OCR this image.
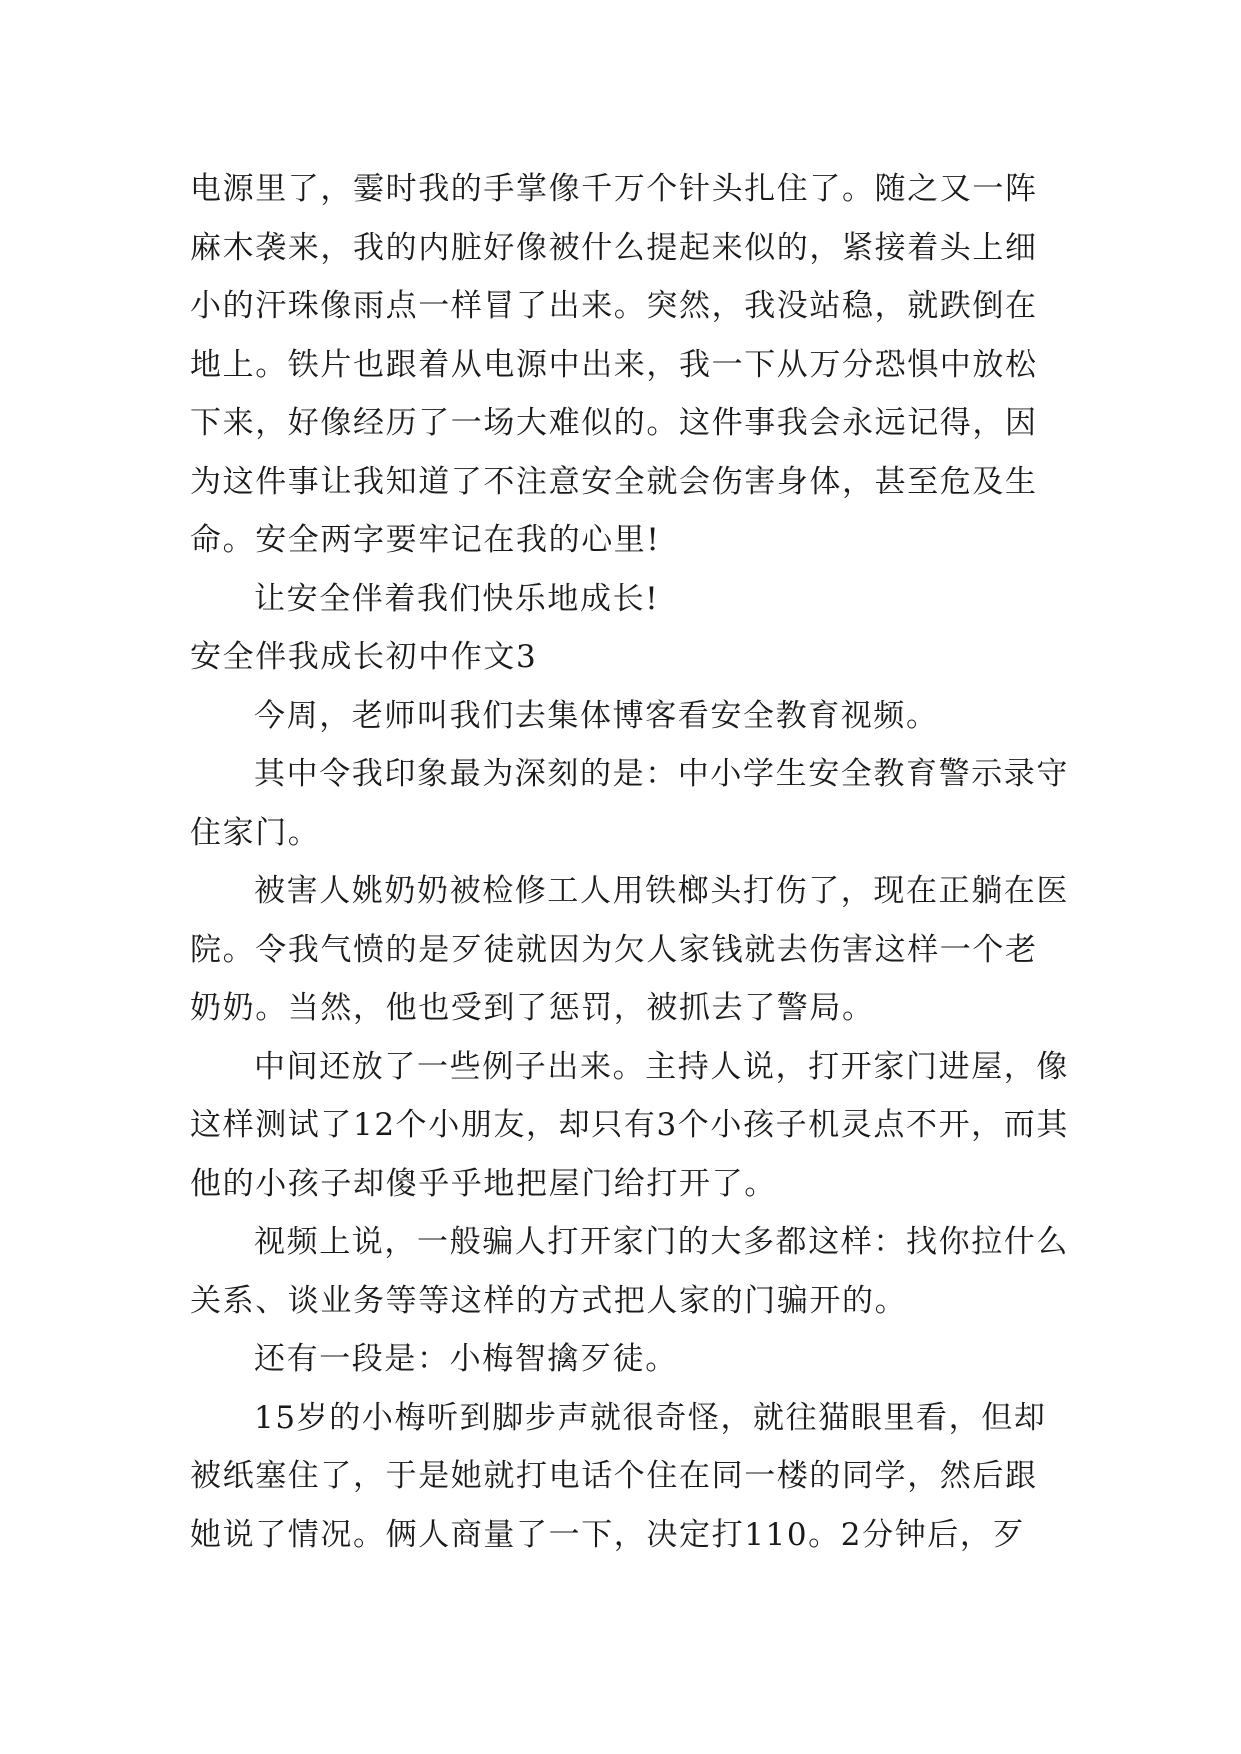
电源里了，霎时我的手掌像千万个针头扎住了。随之又一阵麻木袭来，我的内脏好像被什么提起来似的，紧接着头上细小的汗珠像雨点一样冒了出来。突然，我没站稳，就跌倒在地上。铁片也跟着从电源中出来，我一下从万分恐惧中放松下来，好像经历了一场大难似的。这件事我会永远记得，因为这件事让我知道了不注意安全就会伤害身体，甚至危及生命。安全两字要牢记在我的心里!

让安全伴着我们快乐地成长!

安全伴我成长初中作文3

今周，老师叫我们去集体博客看安全教育视频。

其中令我印象最为深刻的是：中小学生安全教育警示录守住家门。

被害人姚奶奶被检修工人用铁榔头打伤了，现在正躺在医院。令我气愤的是歹徒就因为欠人家钱就去伤害这样一个老奶奶。当然，他也受到了惩罚，被抓去了警局。

中间还放了一些例子出来。主持人说，打开家门进屋，像这样测试了12个小朋友，却只有3个小孩子机灵点不开，而其他的小孩子却傻乎乎地把屋门给打开了。

视频上说，一般骗人打开家门的大多都这样：找你拉什么关系、谈业务等等这样的方式把人家的门骗开的。

还有一段是：小梅智擒歹徒。

15岁的小梅听到脚步声就很奇怪，就往猫眼里看，但却被纸塞住了，于是她就打电话个住在同一楼的同学，然后跟她说了情况。俩人商量了一下，决定打110。2分钟后，歹
